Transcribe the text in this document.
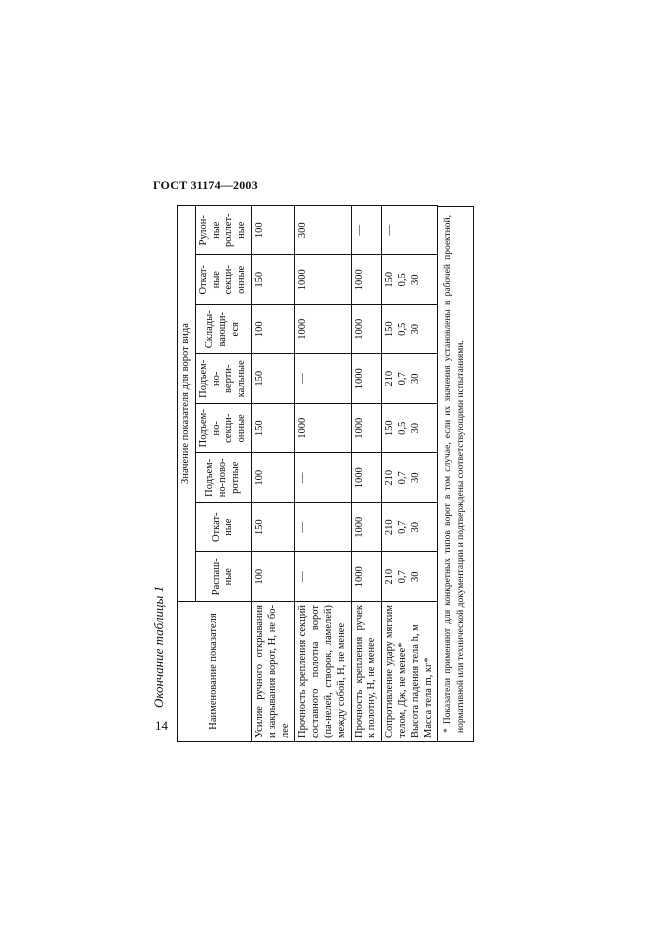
ГОСТ 31174—2003
Окончание таблицы 1
14	Наименование показателя	Значение показателя для ворот вида							

	Распаш- ные	Откат- ные	Подъем- но-пово- ротные	Подъем- но- секци- онные	Подъем- но- верти- кальные	Склады- вающи- еся	Откат- ные секци- онные	Рулон- ные роллет- ные

Усилие ручного открывания и закрывания ворот, Н, не бо-лее	100	150	100	150	150	100	150	100

Прочность крепления секций составного полотна ворот (па-нелей, створок, ламелей) между собой, Н, не менее	—	—	—	1000	—	1000	1000	300

Прочность крепления ручек к полотну, Н, не менее	1000	1000	1000	1000	1000	1000	1000	—

Сопротивление удару мягким телом, Дж, не менее* Высота падения тела h, м Масса тела m, кг*	210 0,7 30	210 0,7 30	210 0,7 30	150 0,5 30	210 0,7 30	150 0,5 30	150 0,5 30	—	* Показатели применяют для конкретных типов ворот в том случае, если их значения установлены в рабочей проектной, нормативной или технической документации и подтверждены соответствующими испытаниями.
